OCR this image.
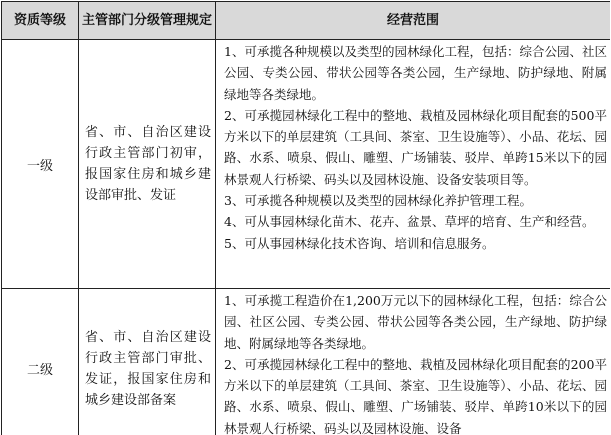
资质等级	主管部门分级管理规定	经营范围
一级	省、市、自治区建设行政主管部门初审，报国家住房和城乡建设部审批、发证	1、可承揽各种规模以及类型的园林绿化工程，包括：综合公园、社区公园、专类公园、带状公园等各类公园，生产绿地、防护绿地、附属绿地等各类绿地。

2、可承揽园林绿化工程中的整地、栽植及园林绿化项目配套的500平方米以下的单层建筑（工具间、茶室、卫生设施等）、小品、花坛、园路、水系、喷泉、假山、雕塑、广场铺装、驳岸、单跨15米以下的园林景观人行桥梁、码头以及园林设施、设备安装项目等。

3、可承揽各种规模以及类型的园林绿化养护管理工程。

4、可从事园林绿化苗木、花卉、盆景、草坪的培育、生产和经营。

5、可从事园林绿化技术咨询、培训和信息服务。

二级	省、市、自治区建设行政主管部门审批、发证，报国家住房和城乡建设部备案	1、可承揽工程造价在1,200万元以下的园林绿化工程，包括：综合公园、社区公园、专类公园、带状公园等各类公园，生产绿地、防护绿地、附属绿地等各类绿地。

2、可承揽园林绿化工程中的整地、栽植及园林绿化项目配套的200平方米以下的单层建筑（工具间、茶室、卫生设施等）、小品、花坛、园路、水系、喷泉、假山、雕塑、广场铺装、驳岸、单跨10米以下的园林景观人行桥梁、码头以及园林设施、设备
